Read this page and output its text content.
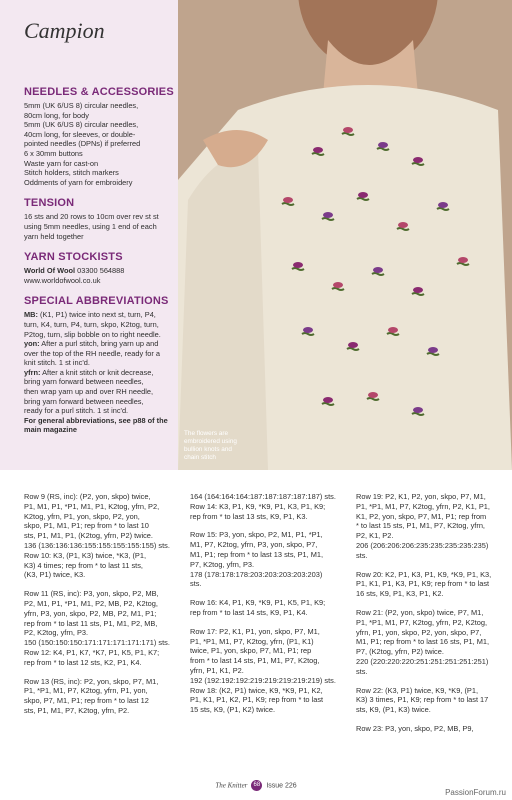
Campion
NEEDLES & ACCESSORIES
5mm (UK 6/US 8) circular needles,
80cm long, for body
5mm (UK 6/US 8) circular needles,
40cm long, for sleeves, or double-
pointed needles (DPNs) if preferred
6 x 30mm buttons
Waste yarn for cast-on
Stitch holders, stitch markers
Oddments of yarn for embroidery
TENSION
16 sts and 20 rows to 10cm over rev st st
using 5mm needles, using 1 end of each
yarn held together
YARN STOCKISTS
World Of Wool 03300 564888
www.worldofwool.co.uk
SPECIAL ABBREVIATIONS
MB: (K1, P1) twice into next st, turn, P4,
turn, K4, turn, P4, turn, skpo, K2tog, turn,
P2tog, turn, slip bobble on to right needle.
yon: After a purl stitch, bring yarn up and
over the top of the RH needle, ready for a
knit stitch. 1 st inc'd.
yfrn: After a knit stitch or knit decrease,
bring yarn forward between needles,
then wrap yarn up and over RH needle,
bring yarn forward between needles,
ready for a purl stitch. 1 st inc'd.
For general abbreviations, see p88 of the
main magazine	The flowers are
embroidered using
bullion knots and
chain stitch

Row 9 (RS, inc): (P2, yon, skpo) twice,

P1, M1, P1, *P1, M1, P1, K2tog, yfrn, P2,

K2tog, yfrn, P1, yon, skpo, P2, yon,

skpo, P1, M1, P1; rep from * to last 10

sts, P1, M1, P1, (K2tog, yfrn, P2) twice.

136 (136:136:136:155:155:155:155:155) sts.

Row 10: K3, (P1, K3) twice, *K3, (P1,

K3) 4 times; rep from * to last 11 sts,

(K3, P1) twice, K3.

Row 11 (RS, inc): P3, yon, skpo, P2, MB,

P2, M1, P1, *P1, M1, P2, MB, P2, K2tog,

yfrn, P3, yon, skpo, P2, MB, P2, M1, P1;

rep from * to last 11 sts, P1, M1, P2, MB,

P2, K2tog, yfrn, P3.

150 (150:150:150:171:171:171:171:171) sts.

Row 12: K4, P1, K7, *K7, P1, K5, P1, K7;

rep from * to last 12 sts, K2, P1, K4.

Row 13 (RS, inc): P2, yon, skpo, P7, M1,

P1, *P1, M1, P7, K2tog, yfrn, P1, yon,

skpo, P7, M1, P1; rep from * to last 12

sts, P1, M1, P7, K2tog, yfrn, P2.

164 (164:164:164:187:187:187:187:187) sts.

Row 14: K3, P1, K9, *K9, P1, K3, P1, K9;

rep from * to last 13 sts, K9, P1, K3.

Row 15: P3, yon, skpo, P2, M1, P1, *P1,

M1, P7, K2tog, yfrn, P3, yon, skpo, P7,

M1, P1; rep from * to last 13 sts, P1, M1,

P7, K2tog, yfrn, P3.

178 (178:178:178:203:203:203:203:203)

sts.

Row 16: K4, P1, K9, *K9, P1, K5, P1, K9;

rep from * to last 14 sts, K9, P1, K4.

Row 17: P2, K1, P1, yon, skpo, P7, M1,

P1, *P1, M1, P7, K2tog, yfrn, (P1, K1)

twice, P1, yon, skpo, P7, M1, P1; rep

from * to last 14 sts, P1, M1, P7, K2tog,

yfrn, P1, K1, P2.

192 (192:192:192:219:219:219:219:219) sts.

Row 18: (K2, P1) twice, K9, *K9, P1, K2,

P1, K1, P1, K2, P1, K9; rep from * to last

15 sts, K9, (P1, K2) twice.

Row 19: P2, K1, P2, yon, skpo, P7, M1,

P1, *P1, M1, P7, K2tog, yfrn, P2, K1, P1,

K1, P2, yon, skpo, P7, M1, P1; rep from

* to last 15 sts, P1, M1, P7, K2tog, yfrn,

P2, K1, P2.

206 (206:206:206:235:235:235:235:235)

sts.

Row 20: K2, P1, K3, P1, K9, *K9, P1, K3,

P1, K1, P1, K3, P1, K9; rep from * to last

16 sts, K9, P1, K3, P1, K2.

Row 21: (P2, yon, skpo) twice, P7, M1,

P1, *P1, M1, P7, K2tog, yfrn, P2, K2tog,

yfrn, P1, yon, skpo, P2, yon, skpo, P7,

M1, P1; rep from * to last 16 sts, P1, M1,

P7, (K2tog, yfrn, P2) twice.

220 (220:220:220:251:251:251:251:251)

sts.

Row 22: (K3, P1) twice, K9, *K9, (P1,

K3) 3 times, P1, K9; rep from * to last 17

sts, K9, (P1, K3) twice.

Row 23: P3, yon, skpo, P2, MB, P9,

The Knitter 68 Issue 226
PassionForum.ru
